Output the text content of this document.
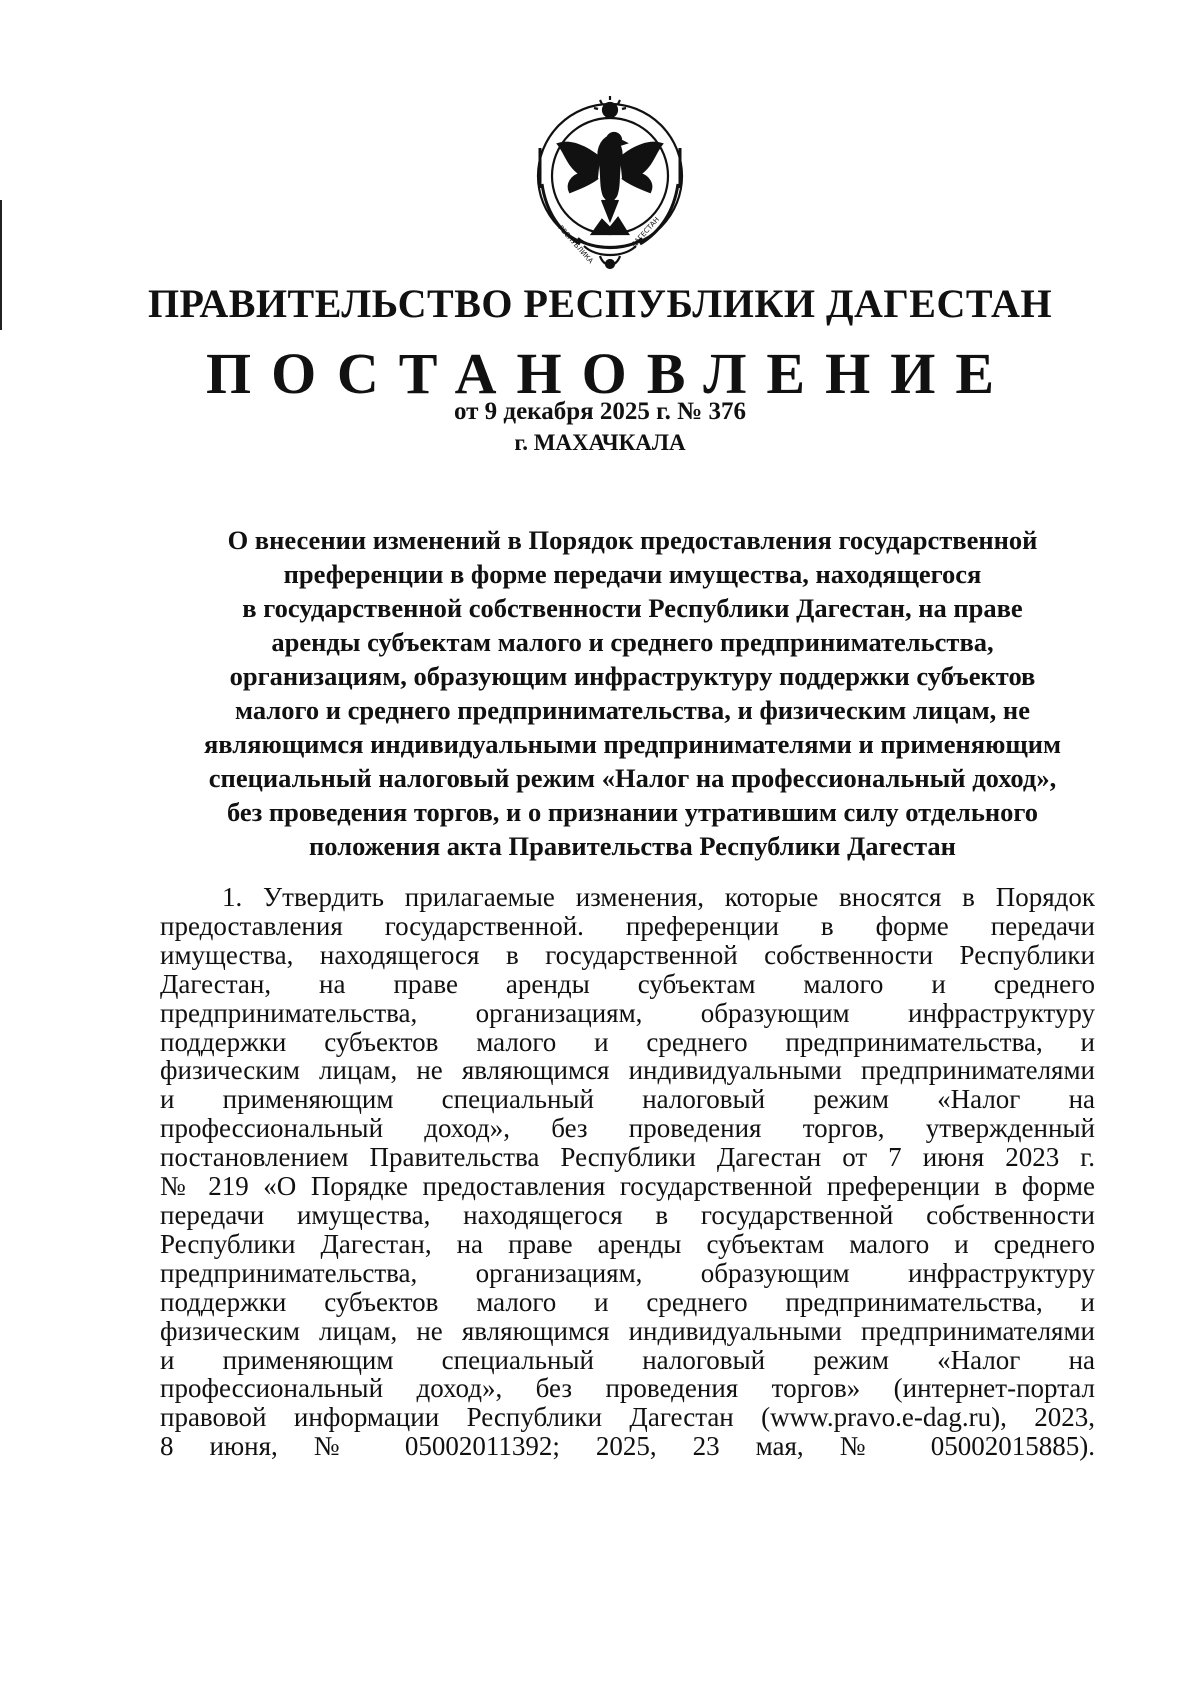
РЕСПУБЛИКА	ДАГЕСТАН
ПРАВИТЕЛЬСТВО РЕСПУБЛИКИ ДАГЕСТАН
ПОСТАНОВЛЕНИЕ
от 9 декабря 2025 г. № 376
г. МАХАЧКАЛА
О внесении изменений в Порядок предоставления государственной
преференции в форме передачи имущества, находящегося
в государственной собственности Республики Дагестан, на праве
аренды субъектам малого и среднего предпринимательства,
организациям, образующим инфраструктуру поддержки субъектов
малого и среднего предпринимательства, и физическим лицам, не
являющимся индивидуальными предпринимателями и применяющим
специальный налоговый режим «Налог на профессиональный доход»,
без проведения торгов, и о признании утратившим силу отдельного
положения акта Правительства Республики Дагестан
1. Утвердить прилагаемые изменения, которые вносятся в Порядок
предоставления государственной. преференции в форме передачи
имущества, находящегося в государственной собственности Республики
Дагестан, на праве аренды субъектам малого и среднего
предпринимательства, организациям, образующим инфраструктуру
поддержки субъектов малого и среднего предпринимательства, и
физическим лицам, не являющимся индивидуальными предпринимателями
и применяющим специальный налоговый режим «Налог на
профессиональный доход», без проведения торгов, утвержденный
постановлением Правительства Республики Дагестан от 7 июня 2023 г.
№ 219 «О Порядке предоставления государственной преференции в форме
передачи имущества, находящегося в государственной собственности
Республики Дагестан, на праве аренды субъектам малого и среднего
предпринимательства, организациям, образующим инфраструктуру
поддержки субъектов малого и среднего предпринимательства, и
физическим лицам, не являющимся индивидуальными предпринимателями
и применяющим специальный налоговый режим «Налог на
профессиональный доход», без проведения торгов» (интернет-портал
правовой информации Республики Дагестан (www.pravo.e-dag.ru), 2023,
8 июня, № 05002011392; 2025, 23 мая, № 05002015885).
